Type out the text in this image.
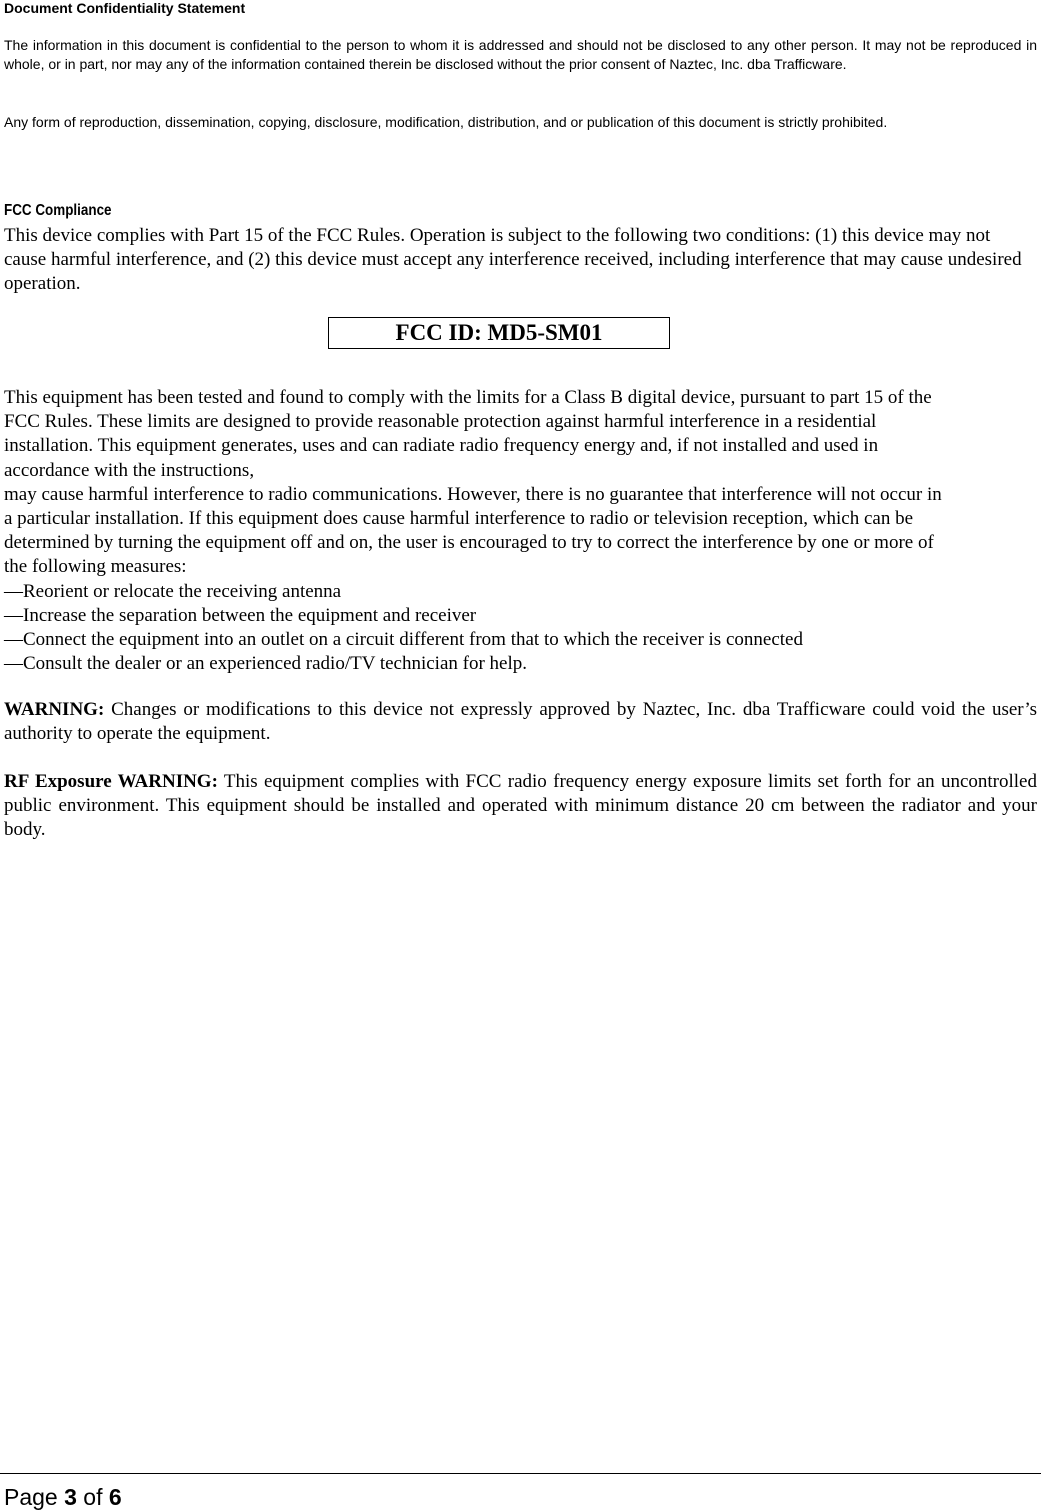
Document Confidentiality Statement

The information in this document is confidential to the person to whom it is addressed and should not be disclosed to any other person. It may not be reproduced in whole, or in part, nor may any of the information contained therein be disclosed without the prior consent of Naztec, Inc. dba Trafficware.

Any form of reproduction, dissemination, copying, disclosure, modification, distribution, and or publication of this document is strictly prohibited.

FCC Compliance

This device complies with Part 15 of the FCC Rules. Operation is subject to the following two conditions: (1) this device may not cause harmful interference, and (2) this device must accept any interference received, including interference that may cause undesired operation.

FCC ID: MD5-SM01
This equipment has been tested and found to comply with the limits for a Class B digital device, pursuant to part 15 of the
FCC Rules. These limits are designed to provide reasonable protection against harmful interference in a residential
installation. This equipment generates, uses and can radiate radio frequency energy and, if not installed and used in
accordance with the instructions,
may cause harmful interference to radio communications. However, there is no guarantee that interference will not occur in
a particular installation. If this equipment does cause harmful interference to radio or television reception, which can be
determined by turning the equipment off and on, the user is encouraged to try to correct the interference by one or more of
the following measures:
—Reorient or relocate the receiving antenna
—Increase the separation between the equipment and receiver
—Connect the equipment into an outlet on a circuit different from that to which the receiver is connected
—Consult the dealer or an experienced radio/TV technician for help.

WARNING: Changes or modifications to this device not expressly approved by Naztec, Inc. dba Trafficware could void the user’s authority to operate the equipment.

RF Exposure WARNING: This equipment complies with FCC radio frequency energy exposure limits set forth for an uncontrolled public environment. This equipment should be installed and operated with minimum distance 20 cm between the radiator and your body.

Page 3 of 6
